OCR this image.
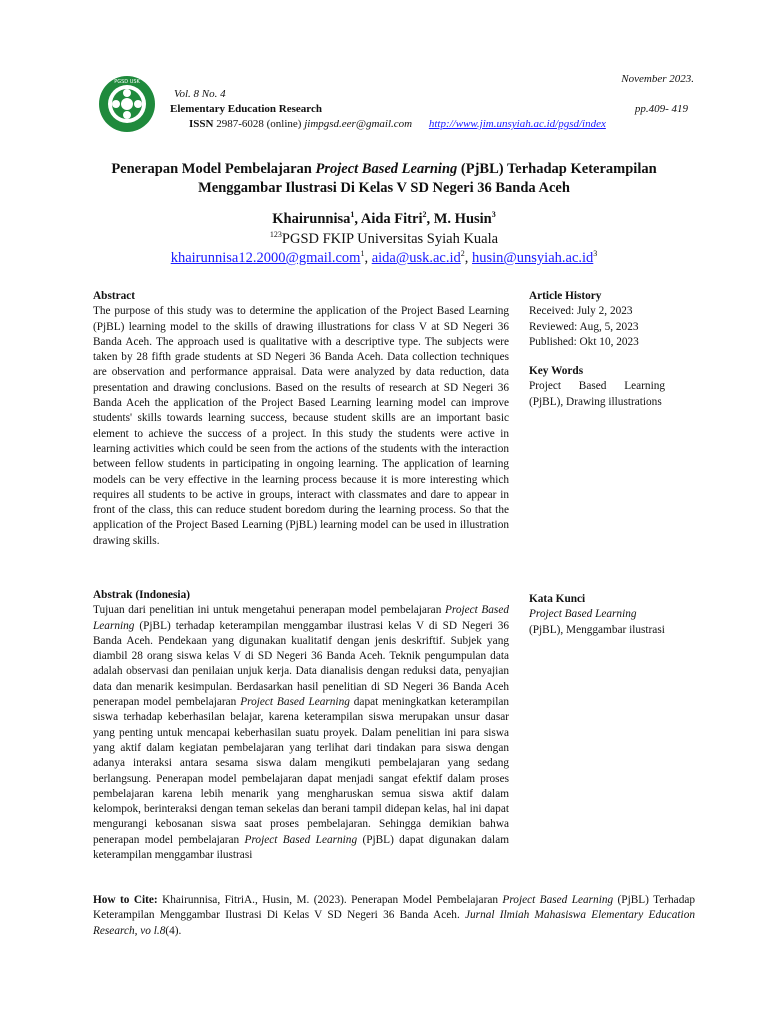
PGSD USK	November 2023.
Vol. 8 No. 4
Elementary Education Research	pp.409- 419
ISSN 2987-6028 (online) jimpgsd.eer@gmail.com http://www.jim.unsyiah.ac.id/pgsd/index
Penerapan Model Pembelajaran Project Based Learning (PjBL) Terhadap Keterampilan
Menggambar Ilustrasi Di Kelas V SD Negeri 36 Banda Aceh
Khairunnisa$^1$, Aida Fitri$^2$, M. Husin$^3$
$^{123}$PGSD FKIP Universitas Syiah Kuala
khairunnisa12.2000@gmail.com$^1$, $aida@usk.ac.id^2$, $husin@unsyiah.ac.id^3$
Abstract

The purpose of this study was to determine the application of the Project Based Learning (PjBL) learning model to the skills of drawing illustrations for class V at SD Negeri 36 Banda Aceh. The approach used is qualitative with a descriptive type. The subjects were taken by 28 fifth grade students at SD Negeri 36 Banda Aceh. Data collection techniques are observation and performance appraisal. Data were analyzed by data reduction, data presentation and drawing conclusions. Based on the results of research at SD Negeri 36 Banda Aceh the application of the Project Based Learning learning model can improve students' skills towards learning success, because student skills are an important basic element to achieve the success of a project. In this study the students were active in learning activities which could be seen from the actions of the students with the interaction between fellow students in participating in ongoing learning. The application of learning models can be very effective in the learning process because it is more interesting which requires all students to be active in groups, interact with classmates and dare to appear in front of the class, this can reduce student boredom during the learning process. So that the application of the Project Based Learning (PjBL) learning model can be used in illustration drawing skills.

Abstrak (Indonesia)

Tujuan dari penelitian ini untuk mengetahui penerapan model pembelajaran Project Based Learning (PjBL) terhadap keterampilan menggambar ilustrasi kelas V di SD Negeri 36 Banda Aceh. Pendekaan yang digunakan kualitatif dengan jenis deskriftif. Subjek yang diambil 28 orang siswa kelas V di SD Negeri 36 Banda Aceh. Teknik pengumpulan data adalah observasi dan penilaian unjuk kerja. Data dianalisis dengan reduksi data, penyajian data dan menarik kesimpulan. Berdasarkan hasil penelitian di SD Negeri 36 Banda Aceh penerapan model pembelajaran Project Based Learning dapat meningkatkan keterampilan siswa terhadap keberhasilan belajar, karena keterampilan siswa merupakan unsur dasar yang penting untuk mencapai keberhasilan suatu proyek. Dalam penelitian ini para siswa yang aktif dalam kegiatan pembelajaran yang terlihat dari tindakan para siswa dengan adanya interaksi antara sesama siswa dalam mengikuti pembelajaran yang sedang berlangsung. Penerapan model pembelajaran dapat menjadi sangat efektif dalam proses pembelajaran karena lebih menarik yang mengharuskan semua siswa aktif dalam kelompok, berinteraksi dengan teman sekelas dan berani tampil didepan kelas, hal ini dapat mengurangi kebosanan siswa saat proses pembelajaran. Sehingga demikian bahwa penerapan model pembelajaran Project Based Learning (PjBL) dapat digunakan dalam keterampilan menggambar ilustrasi

Article History

Received: July 2, 2023

Reviewed: Aug, 5, 2023

Published: Okt 10, 2023

Key Words

Project Based Learning (PjBL), Drawing illustrations

Kata Kunci

Project Based Learning (PjBL), Menggambar ilustrasi

How to Cite: Khairunnisa, FitriA., Husin, M. (2023). Penerapan Model Pembelajaran Project Based Learning (PjBL) Terhadap Keterampilan Menggambar Ilustrasi Di Kelas V SD Negeri 36 Banda Aceh. Jurnal Ilmiah Mahasiswa Elementary Education Research, vo l.8(4).
